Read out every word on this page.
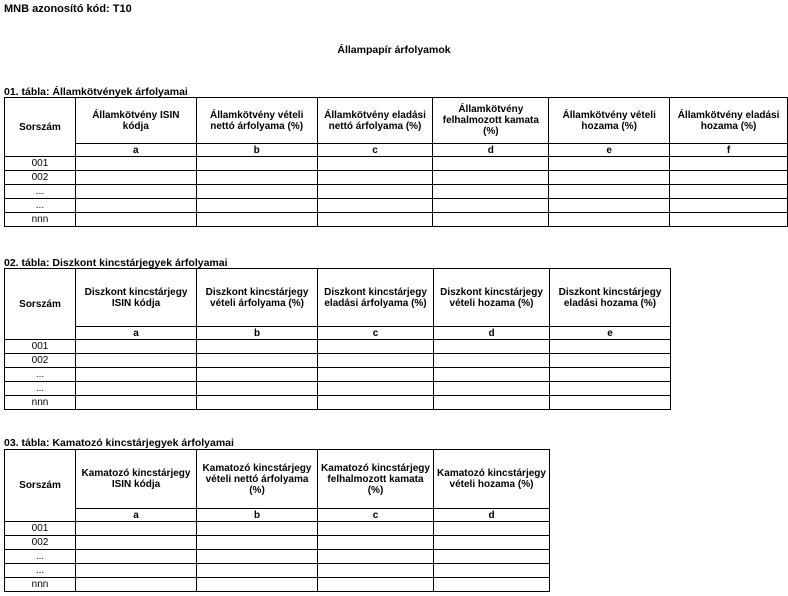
MNB azonosító kód: T10
Állampapír árfolyamok
01. tábla: Államkötvények árfolyamai
Sorszám	Államkötvény ISIN kódja	Államkötvény vételi nettó árfolyama (%)	Államkötvény eladási nettó árfolyama (%)	Államkötvény felhalmozott kamata (%)	Államkötvény vételi hozama (%)	Államkötvény eladási hozama (%)
	a	b	c	d	e	f
001						
002						
...						
...						
nnn						
02. tábla: Diszkont kincstárjegyek árfolyamai
Sorszám	Diszkont kincstárjegy ISIN kódja	Diszkont kincstárjegy vételi árfolyama (%)	Diszkont kincstárjegy eladási árfolyama (%)	Diszkont kincstárjegy vételi hozama (%)	Diszkont kincstárjegy eladási hozama (%)
	a	b	c	d	e
001					
002					
...					
...					
nnn					
03. tábla: Kamatozó kincstárjegyek árfolyamai
Sorszám	Kamatozó kincstárjegy ISIN kódja	Kamatozó kincstárjegy vételi nettó árfolyama (%)	Kamatozó kincstárjegy felhalmozott kamata (%)	Kamatozó kincstárjegy vételi hozama (%)
	a	b	c	d
001				
002				
...				
...				
nnn				
